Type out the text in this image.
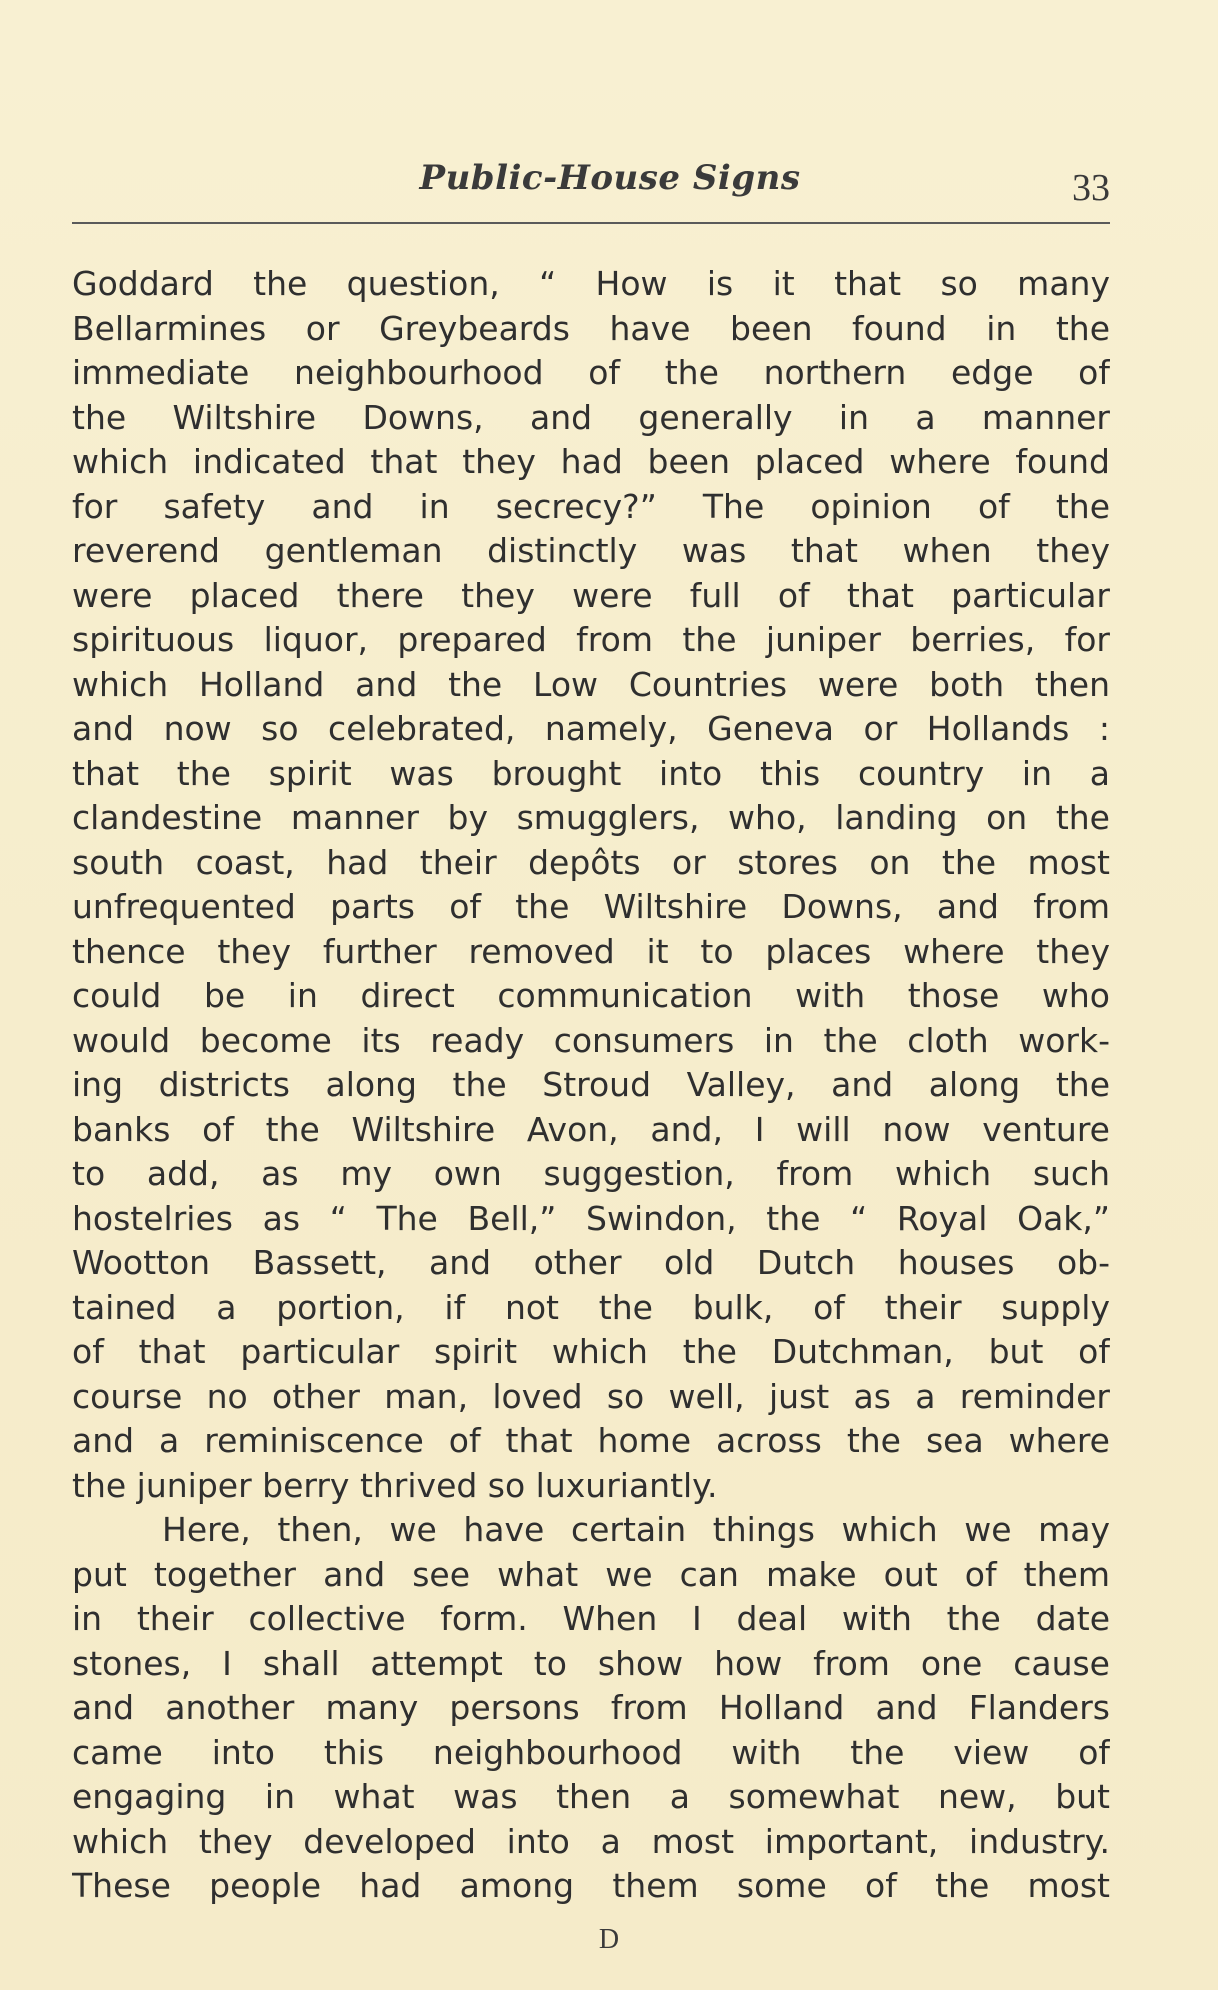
Public-House Signs	33
Goddard the question, “ How is it that so many
Bellarmines or Greybeards have been found in the
immediate neighbourhood of the northern edge of
the Wiltshire Downs, and generally in a manner
which indicated that they had been placed where found
for safety and in secrecy?” The opinion of the
reverend gentleman distinctly was that when they
were placed there they were full of that particular
spirituous liquor, prepared from the juniper berries, for
which Holland and the Low Countries were both then
and now so celebrated, namely, Geneva or Hollands :
that the spirit was brought into this country in a
clandestine manner by smugglers, who, landing on the
south coast, had their depôts or stores on the most
unfrequented parts of the Wiltshire Downs, and from
thence they further removed it to places where they
could be in direct communication with those who
would become its ready consumers in the cloth work-
ing districts along the Stroud Valley, and along the
banks of the Wiltshire Avon, and, I will now venture
to add, as my own suggestion, from which such
hostelries as “ The Bell,” Swindon, the “ Royal Oak,”
Wootton Bassett, and other old Dutch houses ob-
tained a portion, if not the bulk, of their supply
of that particular spirit which the Dutchman, but of
course no other man, loved so well, just as a reminder
and a reminiscence of that home across the sea where
the juniper berry thrived so luxuriantly.
Here, then, we have certain things which we may
put together and see what we can make out of them
in their collective form. When I deal with the date
stones, I shall attempt to show how from one cause
and another many persons from Holland and Flanders
came into this neighbourhood with the view of
engaging in what was then a somewhat new, but
which they developed into a most important, industry.
These people had among them some of the most
D
